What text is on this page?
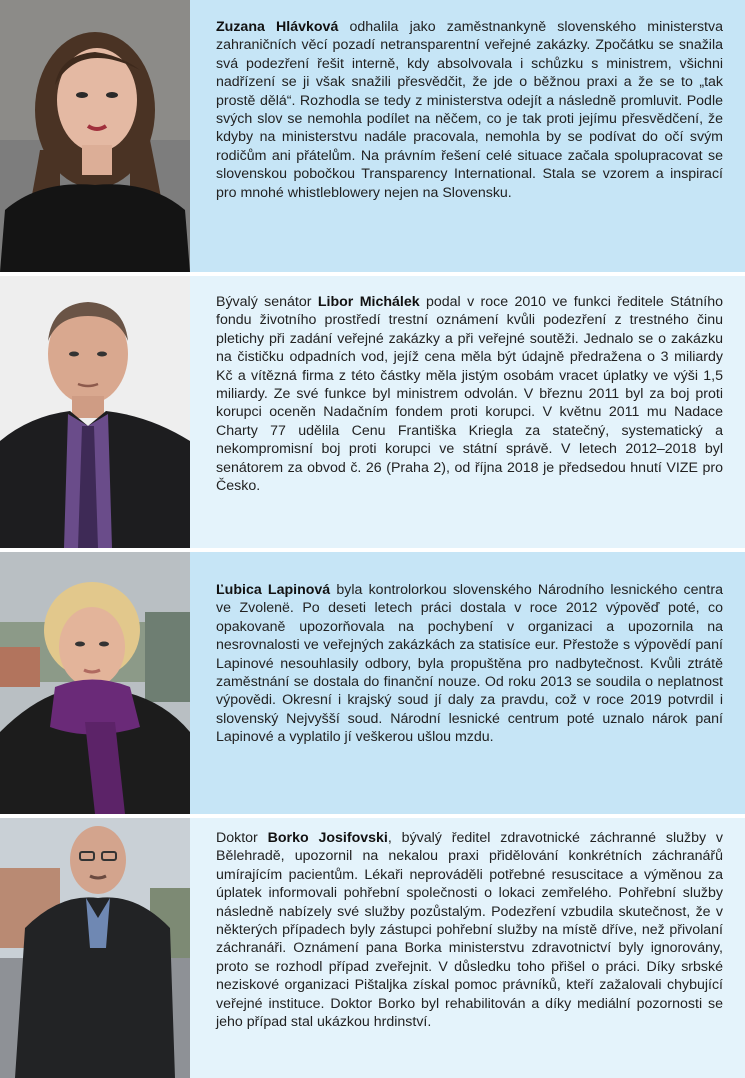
Zuzana Hlávková odhalila jako zaměstnankyně slovenského ministerstva zahraničních věcí pozadí netransparentní veřejné zakázky. Zpočátku se snažila svá podezření řešit interně, kdy absolvovala i schůzku s ministrem, všichni nadřízení se ji však snažili přesvědčit, že jde o běžnou praxi a že se to „tak prostě dělá“. Rozhodla se tedy z ministerstva odejít a následně promluvit. Podle svých slov se nemohla podílet na něčem, co je tak proti jejímu přesvědčení, že kdyby na ministerstvu nadále pracovala, nemohla by se podívat do očí svým rodičům ani přátelům. Na právním řešení celé situace začala spolupracovat se slovenskou pobočkou Transparency International. Stala se vzorem a inspirací pro mnohé whistleblowery nejen na Slovensku.

Bývalý senátor Libor Michálek podal v roce 2010 ve funkci ředitele Státního fondu životního prostředí trestní oznámení kvůli podezření z trestného činu pletichy při zadání veřejné zakázky a při veřejné soutěži. Jednalo se o zakázku na čističku odpadních vod, jejíž cena měla být údajně předražena o 3 miliardy Kč a vítězná firma z této částky měla jistým osobám vracet úplatky ve výši 1,5 miliardy. Ze své funkce byl ministrem odvolán. V březnu 2011 byl za boj proti korupci oceněn Nadačním fondem proti korupci. V květnu 2011 mu Nadace Charty 77 udělila Cenu Františka Kriegla za statečný, systematický a nekompromisní boj proti korupci ve státní správě. V letech 2012–2018 byl senátorem za obvod č. 26 (Praha 2), od října 2018 je předsedou hnutí VIZE pro Česko.

Ľubica Lapinová byla kontrolorkou slovenského Národního lesnického centra ve Zvolenë. Po deseti letech práci dostala v roce 2012 výpověď poté, co opakovaně upozorňovala na pochybení v organizaci a upozornila na nesrovnalosti ve veřejných zakázkách za statisíce eur. Přestože s výpovědí paní Lapinové nesouhlasily odbory, byla propuštěna pro nadbytečnost. Kvůli ztrátě zaměstnání se dostala do finanční nouze. Od roku 2013 se soudila o neplatnost výpovědi. Okresní i krajský soud jí daly za pravdu, což v roce 2019 potvrdil i slovenský Nejvyšší soud. Národní lesnické centrum poté uznalo nárok paní Lapinové a vyplatilo jí veškerou ušlou mzdu.

Doktor Borko Josifovski, bývalý ředitel zdravotnické záchranné služby v Bělehradě, upozornil na nekalou praxi přidělování konkrétních záchranářů umírajícím pacientům. Lékaři neprováděli potřebné resuscitace a výměnou za úplatek informovali pohřební společnosti o lokaci zemřelého. Pohřební služby následně nabízely své služby pozůstalým. Podezření vzbudila skutečnost, že v některých případech byly zástupci pohřební služby na místě dříve, než přivolaní záchranáři. Oznámení pana Borka ministerstvu zdravotnictví byly ignorovány, proto se rozhodl případ zveřejnit. V důsledku toho přišel o práci. Díky srbské neziskové organizaci Pištaljka získal pomoc právníků, kteří zažalovali chybující veřejné instituce. Doktor Borko byl rehabilitován a díky mediální pozornosti se jeho případ stal ukázkou hrdinství.
